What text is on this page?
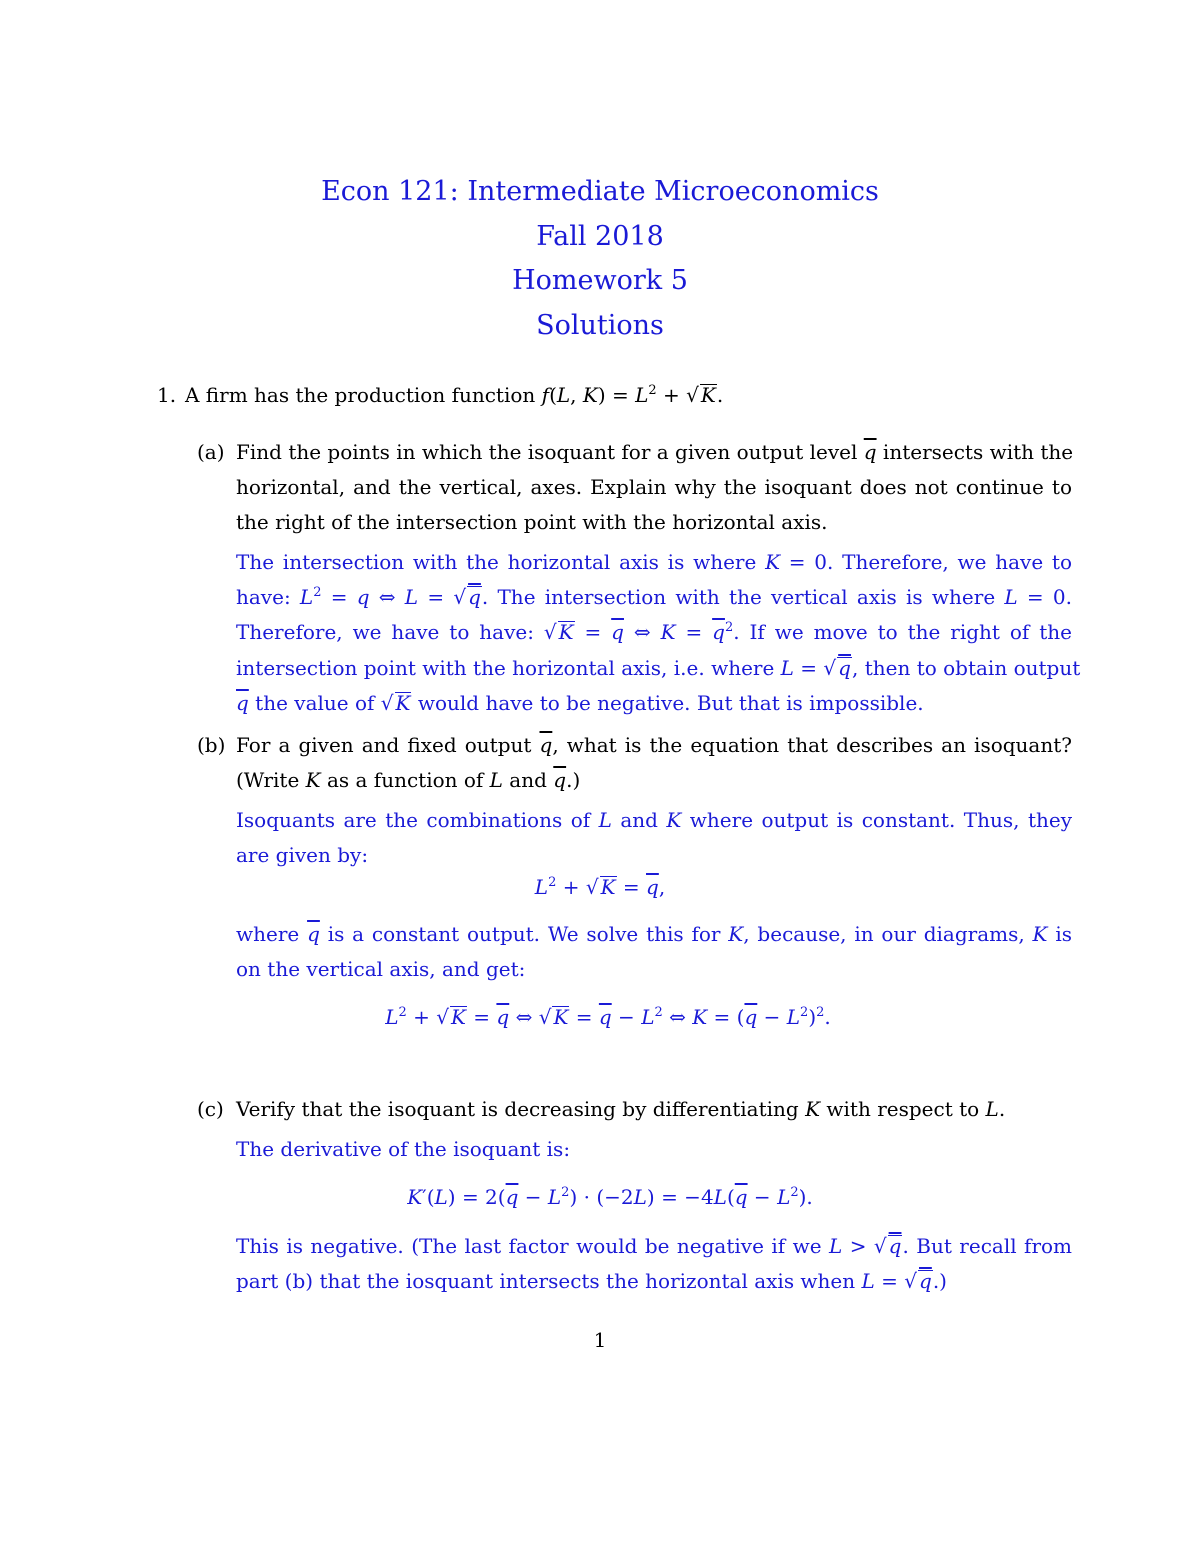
Econ 121: Intermediate Microeconomics
Fall 2018
Homework 5
Solutions
1. A firm has the production function f(L, $K) = L^2$ + √ K.
(a) Find the points in which the isoquant for a given output level $\overline{q}$ intersects with the
horizontal, and the vertical, axes. Explain why the isoquant does not continue to
the right of the intersection point with the horizontal axis.
The intersection with the horizontal axis is where K = 0. Therefore, we have to
have: $L^2 = q$ ⇔ L = √ q. The intersection with the vertical axis is where L = 0.
Therefore, we have to have: √ $K = \overline{q}$ ⇔ $K = \overline{q}^2$. If we move to the right of the
intersection point with the horizontal axis, i.e. where L = √ q, then to obtain output
$\overline{q}$ the value of √ K would have to be negative. But that is impossible.
(b) For a given and fixed output $\overline{q}$, what is the equation that describes an isoquant?
(Write K as a function of L and $\overline{q}$.)
Isoquants are the combinations of L and K where output is constant. Thus, they
are given by:
$L^2$ + √ $K = \overline{q}$,
where $\overline{q}$ is a constant output. We solve this for K, because, in our diagrams, K is
on the vertical axis, and get:
$L^2$ + √ $K = \overline{q}$ ⇔ √ $K = \overline{q} - L^2$ ⇔ $K = (\overline{q} - L^2)^2$.
(c) Verify that the isoquant is decreasing by differentiating K with respect to L.
The derivative of the isoquant is:
$K'(L) = 2(\overline{q} - L^2) \cdot (-2L) = -4L(\overline{q} - L^2)$.
This is negative. (The last factor would be negative if we L > √ q. But recall from
part (b) that the iosquant intersects the horizontal axis when L = √ q.)
1
